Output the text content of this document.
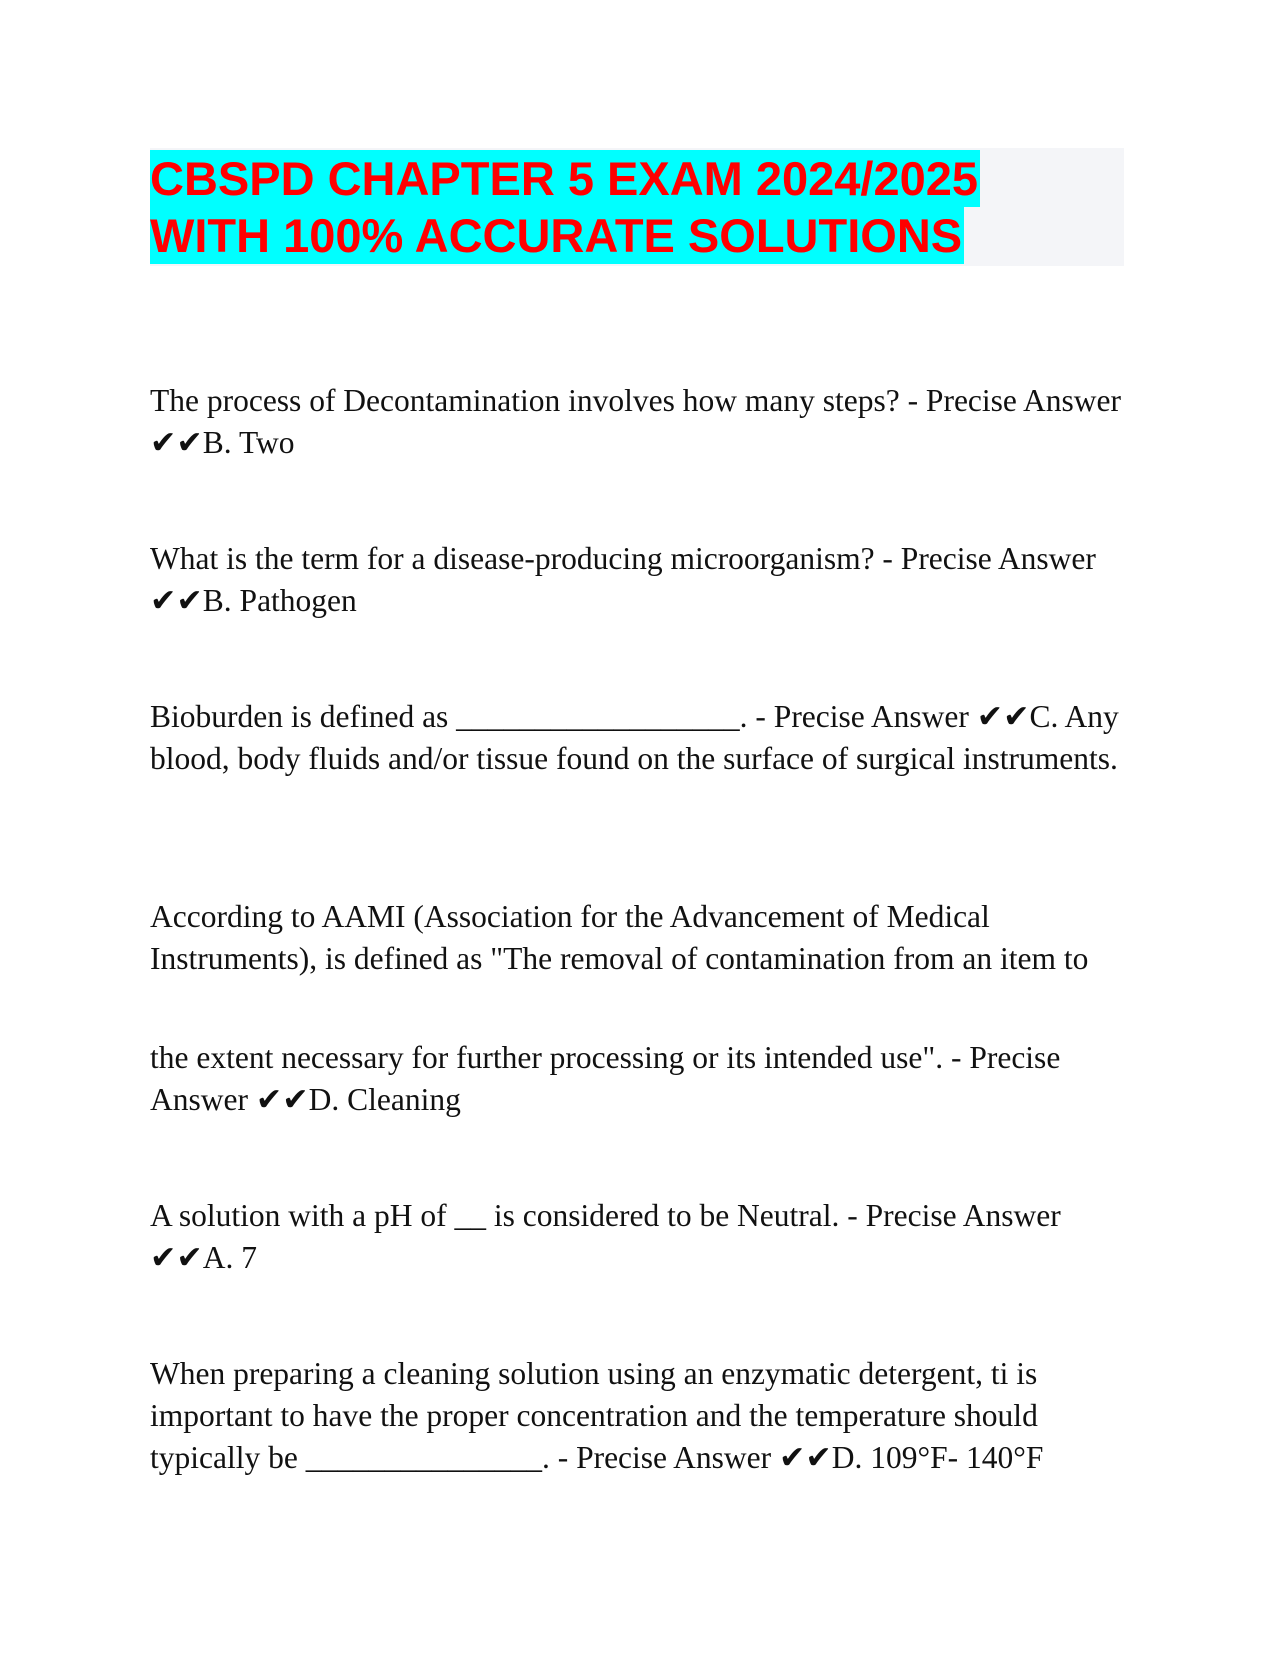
CBSPD CHAPTER 5 EXAM 2024/2025
WITH 100% ACCURATE SOLUTIONS

The process of Decontamination involves how many steps? - Precise Answer ✔✔B. Two

What is the term for a disease-producing microorganism? - Precise Answer ✔✔B. Pathogen

Bioburden is defined as __________________. - Precise Answer ✔✔C. Any blood, body fluids and/or tissue found on the surface of surgical instruments.

According to AAMI (Association for the Advancement of Medical Instruments), is defined as "The removal of contamination from an item to

the extent necessary for further processing or its intended use". - Precise Answer ✔✔D. Cleaning

A solution with a pH of __ is considered to be Neutral. - Precise Answer ✔✔A. 7

When preparing a cleaning solution using an enzymatic detergent, ti is important to have the proper concentration and the temperature should typically be _______________. - Precise Answer ✔✔D. 109°F- 140°F
